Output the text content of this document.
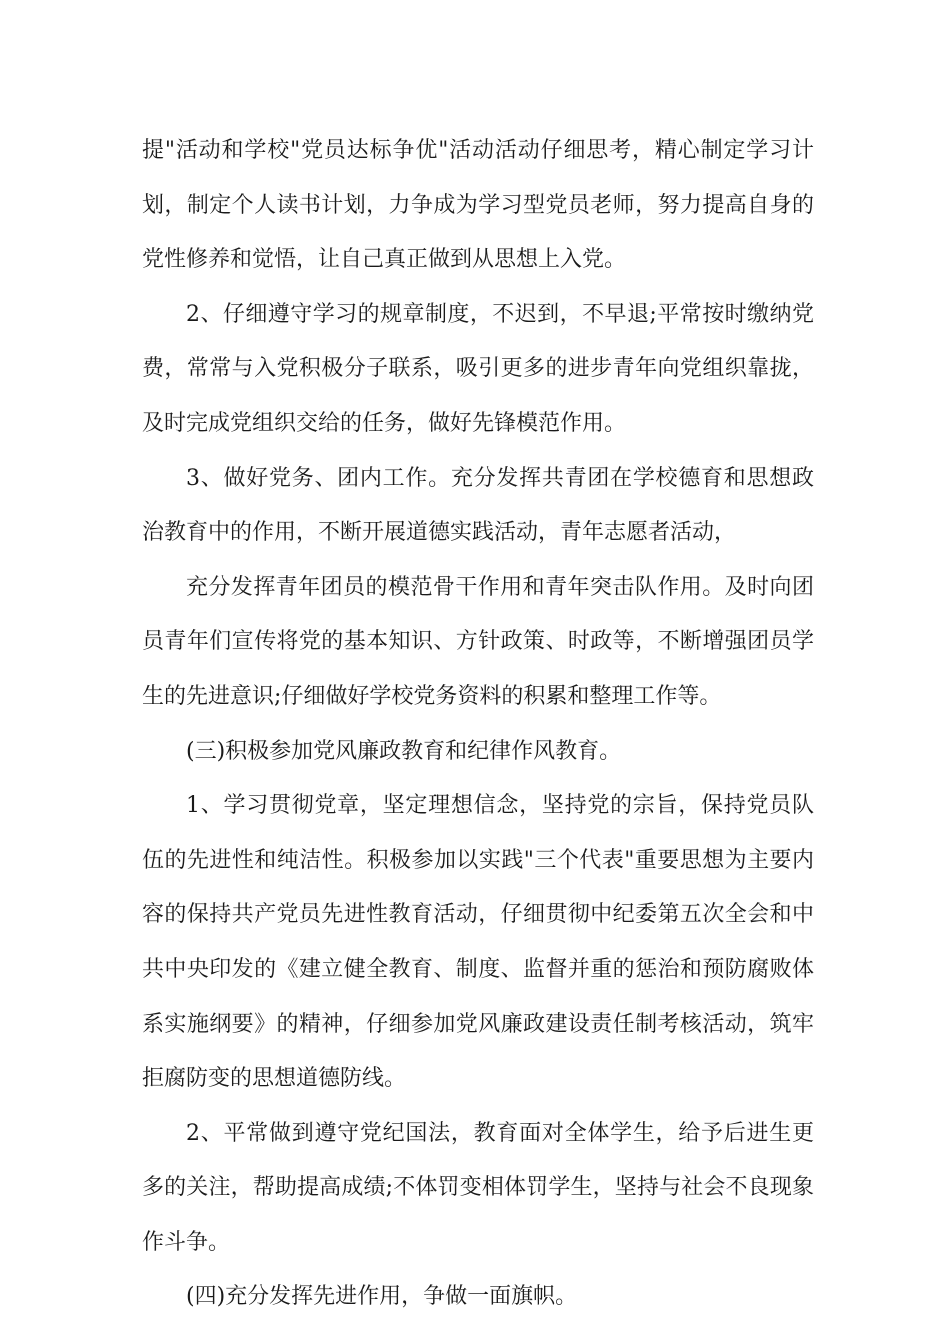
提"活动和学校"党员达标争优"活动活动仔细思考，精心制定学习计划，制定个人读书计划，力争成为学习型党员老师，努力提高自身的党性修养和觉悟，让自己真正做到从思想上入党。

2、仔细遵守学习的规章制度，不迟到，不早退;平常按时缴纳党费，常常与入党积极分子联系，吸引更多的进步青年向党组织靠拢，及时完成党组织交给的任务，做好先锋模范作用。

3、做好党务、团内工作。充分发挥共青团在学校德育和思想政治教育中的作用，不断开展道德实践活动，青年志愿者活动，

充分发挥青年团员的模范骨干作用和青年突击队作用。及时向团员青年们宣传将党的基本知识、方针政策、时政等，不断增强团员学生的先进意识;仔细做好学校党务资料的积累和整理工作等。

(三)积极参加党风廉政教育和纪律作风教育。

1、学习贯彻党章，坚定理想信念，坚持党的宗旨，保持党员队伍的先进性和纯洁性。积极参加以实践"三个代表"重要思想为主要内容的保持共产党员先进性教育活动，仔细贯彻中纪委第五次全会和中共中央印发的《建立健全教育、制度、监督并重的惩治和预防腐败体系实施纲要》的精神，仔细参加党风廉政建设责任制考核活动，筑牢拒腐防变的思想道德防线。

2、平常做到遵守党纪国法，教育面对全体学生，给予后进生更多的关注，帮助提高成绩;不体罚变相体罚学生，坚持与社会不良现象作斗争。

(四)充分发挥先进作用，争做一面旗帜。
